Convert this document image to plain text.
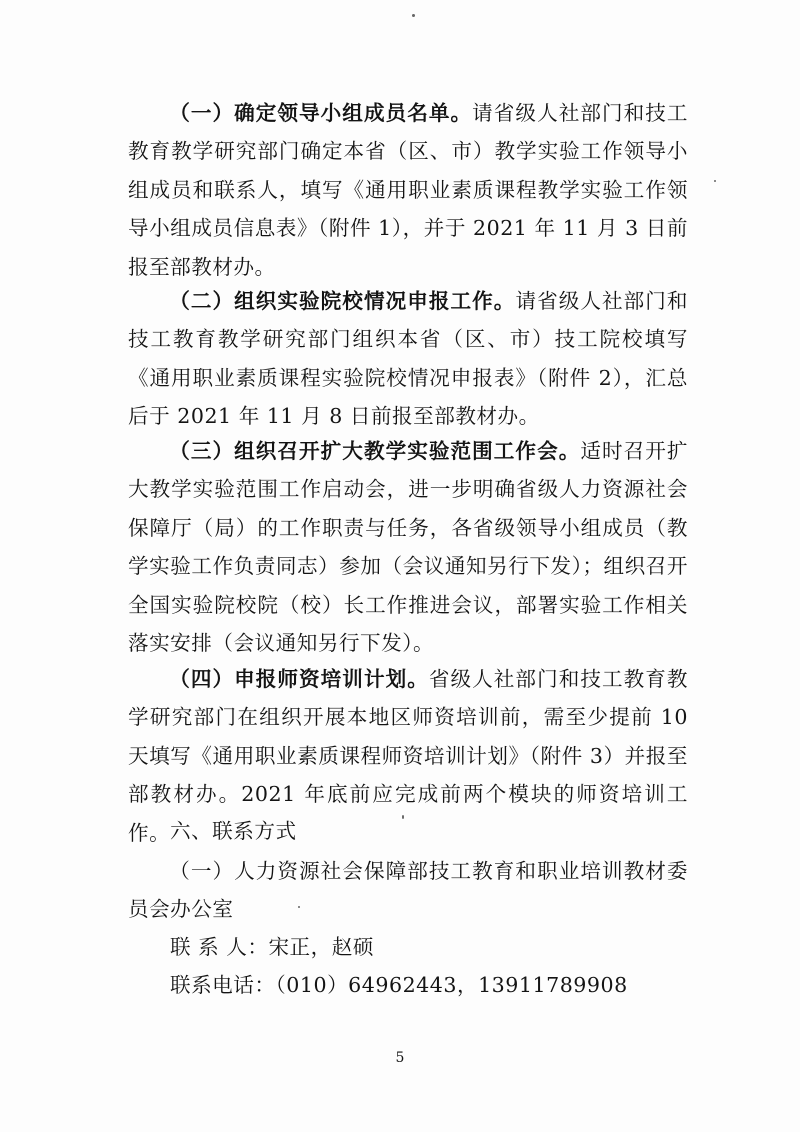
（一）确定领导小组成员名单。请省级人社部门和技工教育教学研究部门确定本省（区、市）教学实验工作领导小组成员和联系人，填写《通用职业素质课程教学实验工作领导小组成员信息表》（附件 1），并于 2021 年 11 月 3 日前报至部教材办。

（二）组织实验院校情况申报工作。请省级人社部门和技工教育教学研究部门组织本省（区、市）技工院校填写《通用职业素质课程实验院校情况申报表》（附件 2），汇总后于 2021 年 11 月 8 日前报至部教材办。

（三）组织召开扩大教学实验范围工作会。适时召开扩大教学实验范围工作启动会，进一步明确省级人力资源社会保障厅（局）的工作职责与任务，各省级领导小组成员（教学实验工作负责同志）参加（会议通知另行下发）；组织召开全国实验院校院（校）长工作推进会议，部署实验工作相关落实安排（会议通知另行下发）。

（四）申报师资培训计划。省级人社部门和技工教育教学研究部门在组织开展本地区师资培训前，需至少提前 10 天填写《通用职业素质课程师资培训计划》（附件 3）并报至部教材办。2021 年底前应完成前两个模块的师资培训工作。 六、联系方式

（一）人力资源社会保障部技工教育和职业培训教材委员会办公室

联 系 人：宋正，赵硕

联系电话：（010）64962443，13911789908

5
